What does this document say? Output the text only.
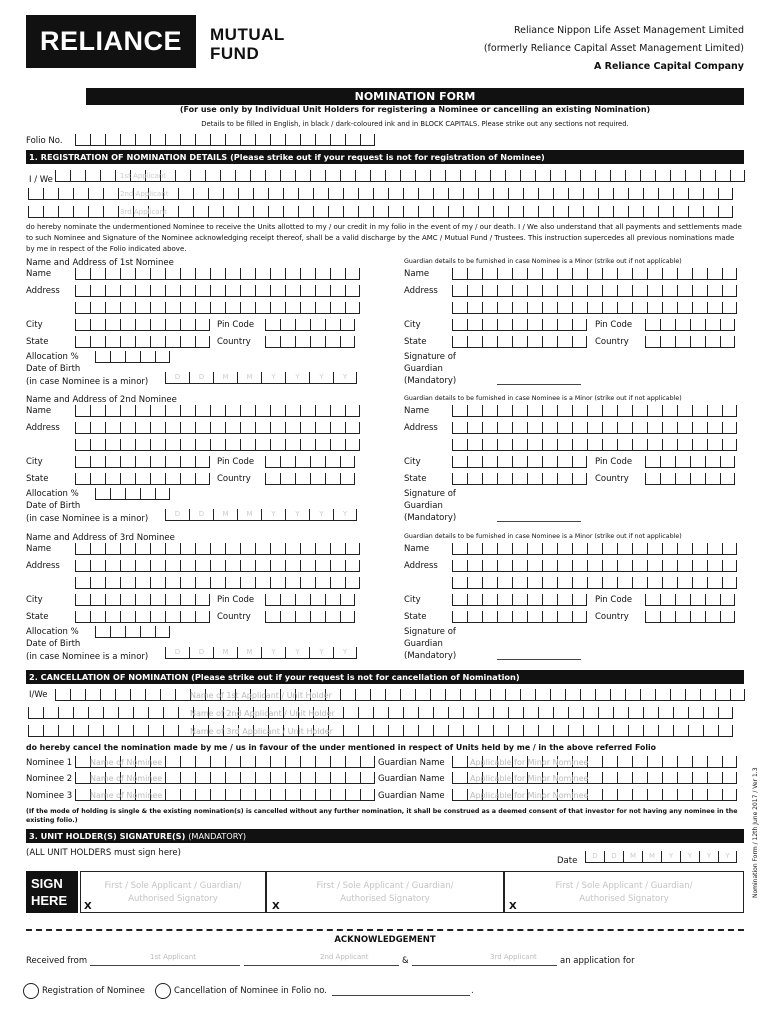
RELIANCE	MUTUAL
FUND
Reliance Nippon Life Asset Management Limited
(formerly Reliance Capital Asset Management Limited)
A Reliance Capital Company
NOMINATION FORM
(For use only by Individual Unit Holders for registering a Nominee or cancelling an existing Nomination)
Details to be filled in English, in black / dark-coloured ink and in BLOCK CAPITALS. Please strike out any sections not required.
Folio No.
1. REGISTRATION OF NOMINATION DETAILS (Please strike out if your request is not for registration of Nominee)
I / We	1st Applicant
2nd Applicant
3rd Applicant
do hereby nominate the undermentioned Nominee to receive the Units allotted to my / our credit in my folio in the event of my / our death. I / We also understand that all payments and settlements made to such Nominee and Signature of the Nominee acknowledging receipt thereof, shall be a valid discharge by the AMC / Mutual Fund / Trustees. This instruction supercedes all previous nominations made by me in respect of the Folio indicated above.
Name and Address of 1st Nominee
Name
Address
City	Pin Code
State	Country
Allocation %
Date of Birth
(in case Nominee is a minor)	D	D	M	M	Y	Y	Y	Y
Guardian details to be furnished in case Nominee is a Minor (strike out if not applicable)
Name
Address
City	Pin Code
State	Country
Signature of
Guardian
(Mandatory)
Name and Address of 2nd Nominee
Name
Address
City	Pin Code
State	Country
Allocation %
Date of Birth
(in case Nominee is a minor)	D	D	M	M	Y	Y	Y	Y
Guardian details to be furnished in case Nominee is a Minor (strike out if not applicable)
Name
Address
City	Pin Code
State	Country
Signature of
Guardian
(Mandatory)
Name and Address of 3rd Nominee
Name
Address
City	Pin Code
State	Country
Allocation %
Date of Birth
(in case Nominee is a minor)	D	D	M	M	Y	Y	Y	Y
Guardian details to be furnished in case Nominee is a Minor (strike out if not applicable)
Name
Address
City	Pin Code
State	Country
Signature of
Guardian
(Mandatory)
2. CANCELLATION OF NOMINATION (Please strike out if your request is not for cancellation of Nomination)
I/We	Name of 1st Applicant / Unit Holder
Name of 2nd Applicant / Unit Holder
Name of 3rd Applicant / Unit Holder
do hereby cancel the nomination made by me / us in favour of the under mentioned in respect of Units held by me / in the above referred Folio
Nominee 1 Name of Nominee	Guardian Name	Applicable for Minor Nominee
Nominee 2 Name of Nominee	Guardian Name	Applicable for Minor Nominee
Nominee 3 Name of Nominee	Guardian Name	Applicable for Minor Nominee
(If the mode of holding is single & the existing nomination(s) is cancelled without any further nomination, it shall be construed as a deemed consent of that investor for not having any nominee in the existing folio.)
3. UNIT HOLDER(S) SIGNATURE(S) (MANDATORY)
(ALL UNIT HOLDERS must sign here)
Date	D	D	M	M	Y	Y	Y	Y
SIGN
HERE
First / Sole Applicant / Guardian/
Authorised Signatory
First / Sole Applicant / Guardian/
Authorised Signatory
First / Sole Applicant / Guardian/
Authorised Signatory
X	X	X
Nomination Form / 12th June 2017 / Ver 1.3
ACKNOWLEDGEMENT
Received from	1st Applicant	2nd Applicant	&	3rd Applicant	an application for
Registration of Nominee	Cancellation of Nominee in Folio no.	.
